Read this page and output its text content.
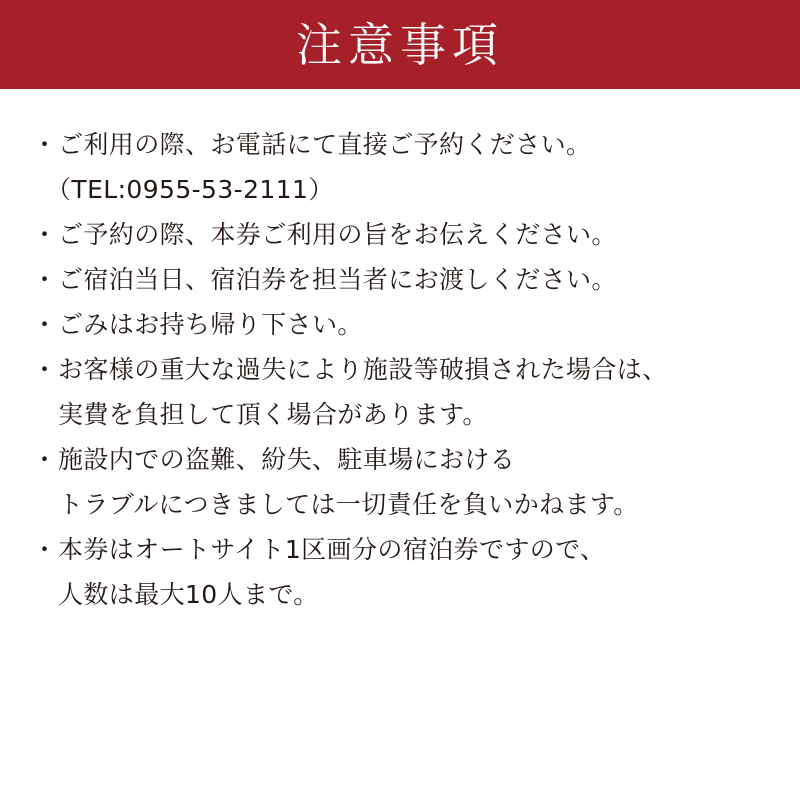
注意事項
・ ご利用の際、お電話にて直接ご予約ください。
（TEL:0955-53-2111）
・ ご予約の際、本券ご利用の旨をお伝えください。
・ ご宿泊当日、宿泊券を担当者にお渡しください。
・ ごみはお持ち帰り下さい。
・ お客様の重大な過失により施設等破損された場合は、
実費を負担して頂く場合があります。
・ 施設内での盗難、紛失、駐車場における
トラブルにつきましては一切責任を負いかねます。
・ 本券はオートサイト1区画分の宿泊券ですので、
人数は最大10人まで。
